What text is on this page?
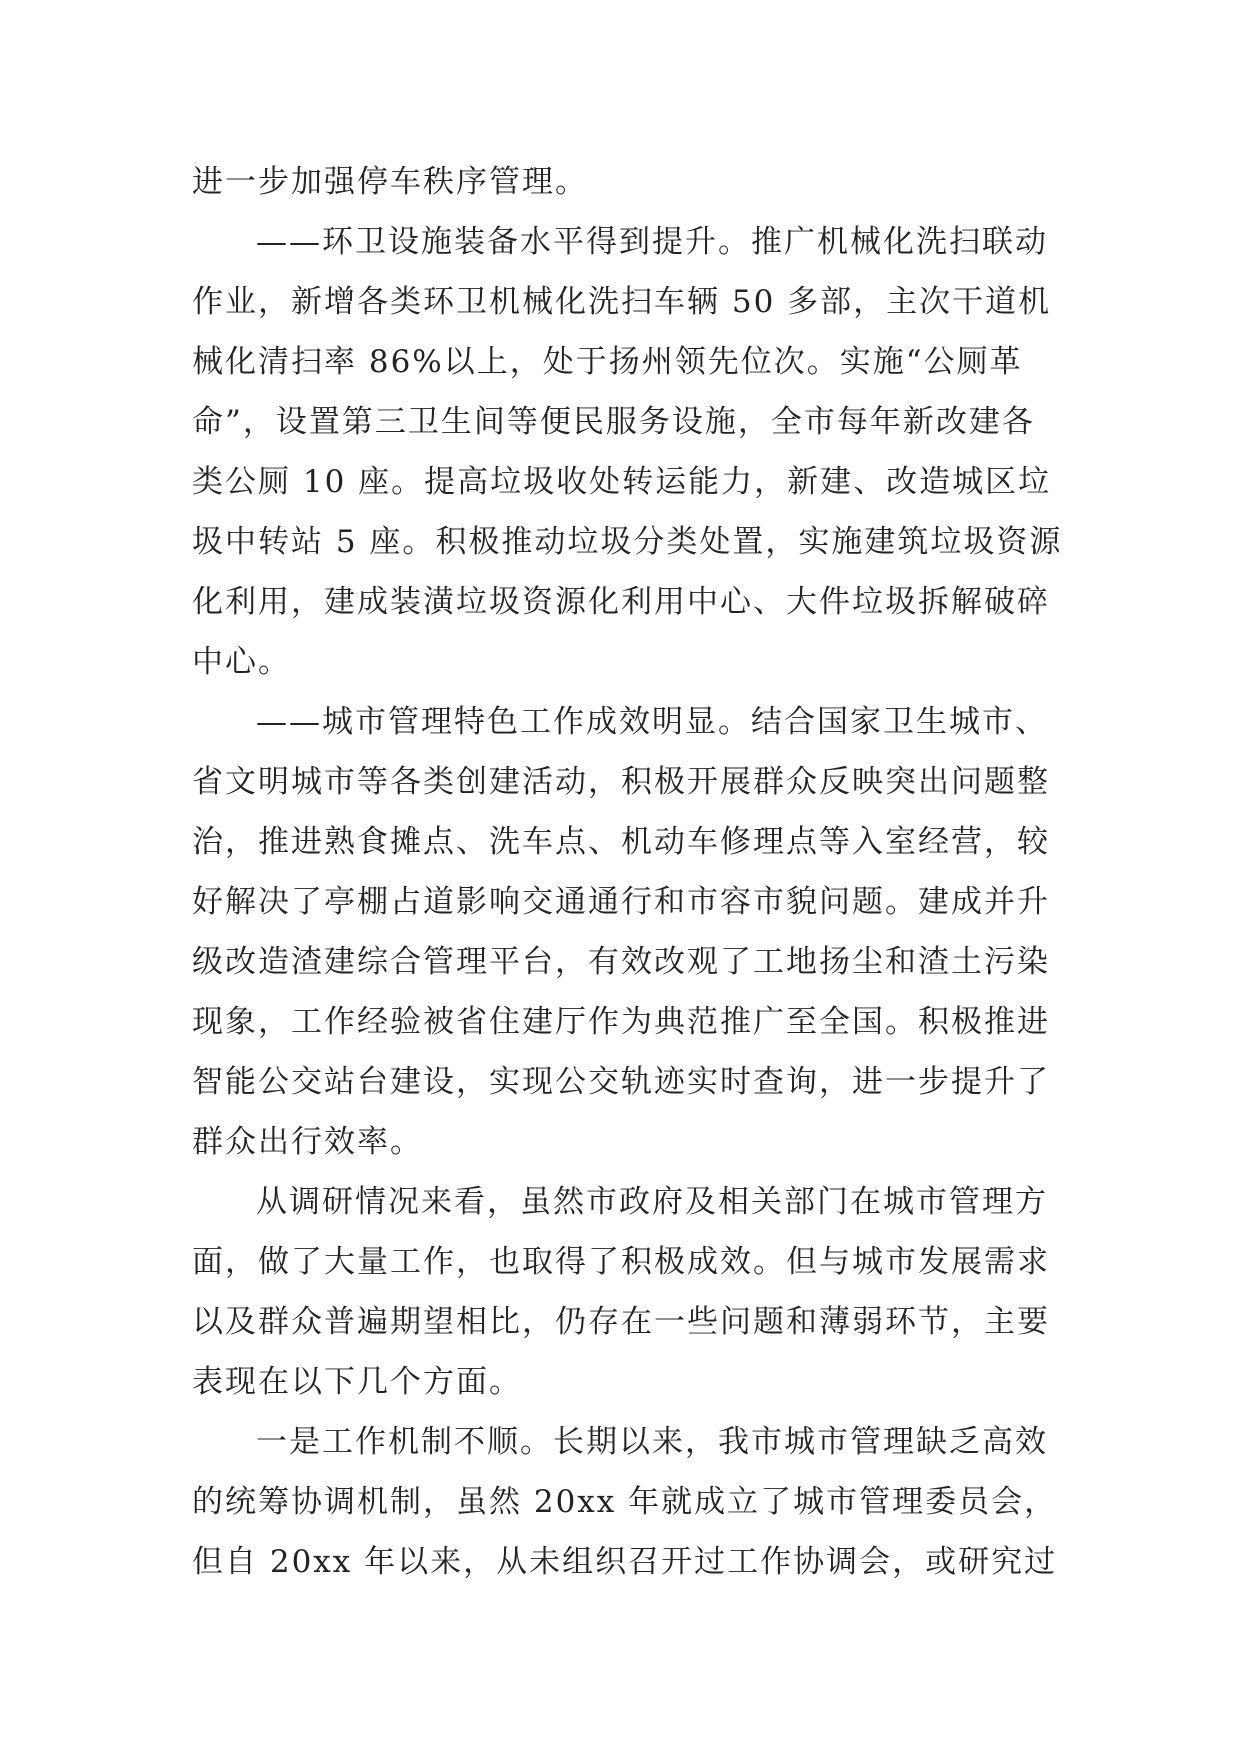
进一步加强停车秩序管理。

——环卫设施装备水平得到提升。推广机械化洗扫联动

作业，新增各类环卫机械化洗扫车辆 50 多部，主次干道机

械化清扫率 86%以上，处于扬州领先位次。实施“公厕革

命”，设置第三卫生间等便民服务设施，全市每年新改建各

类公厕 10 座。提高垃圾收处转运能力，新建、改造城区垃

圾中转站 5 座。积极推动垃圾分类处置，实施建筑垃圾资源

化利用，建成装潢垃圾资源化利用中心、大件垃圾拆解破碎

中心。

——城市管理特色工作成效明显。结合国家卫生城市、

省文明城市等各类创建活动，积极开展群众反映突出问题整

治，推进熟食摊点、洗车点、机动车修理点等入室经营，较

好解决了亭棚占道影响交通通行和市容市貌问题。建成并升

级改造渣建综合管理平台，有效改观了工地扬尘和渣土污染

现象，工作经验被省住建厅作为典范推广至全国。积极推进

智能公交站台建设，实现公交轨迹实时查询，进一步提升了

群众出行效率。

从调研情况来看，虽然市政府及相关部门在城市管理方

面，做了大量工作，也取得了积极成效。但与城市发展需求

以及群众普遍期望相比，仍存在一些问题和薄弱环节，主要

表现在以下几个方面。

一是工作机制不顺。长期以来，我市城市管理缺乏高效

的统筹协调机制，虽然 20xx 年就成立了城市管理委员会，

但自 20xx 年以来，从未组织召开过工作协调会，或研究过
